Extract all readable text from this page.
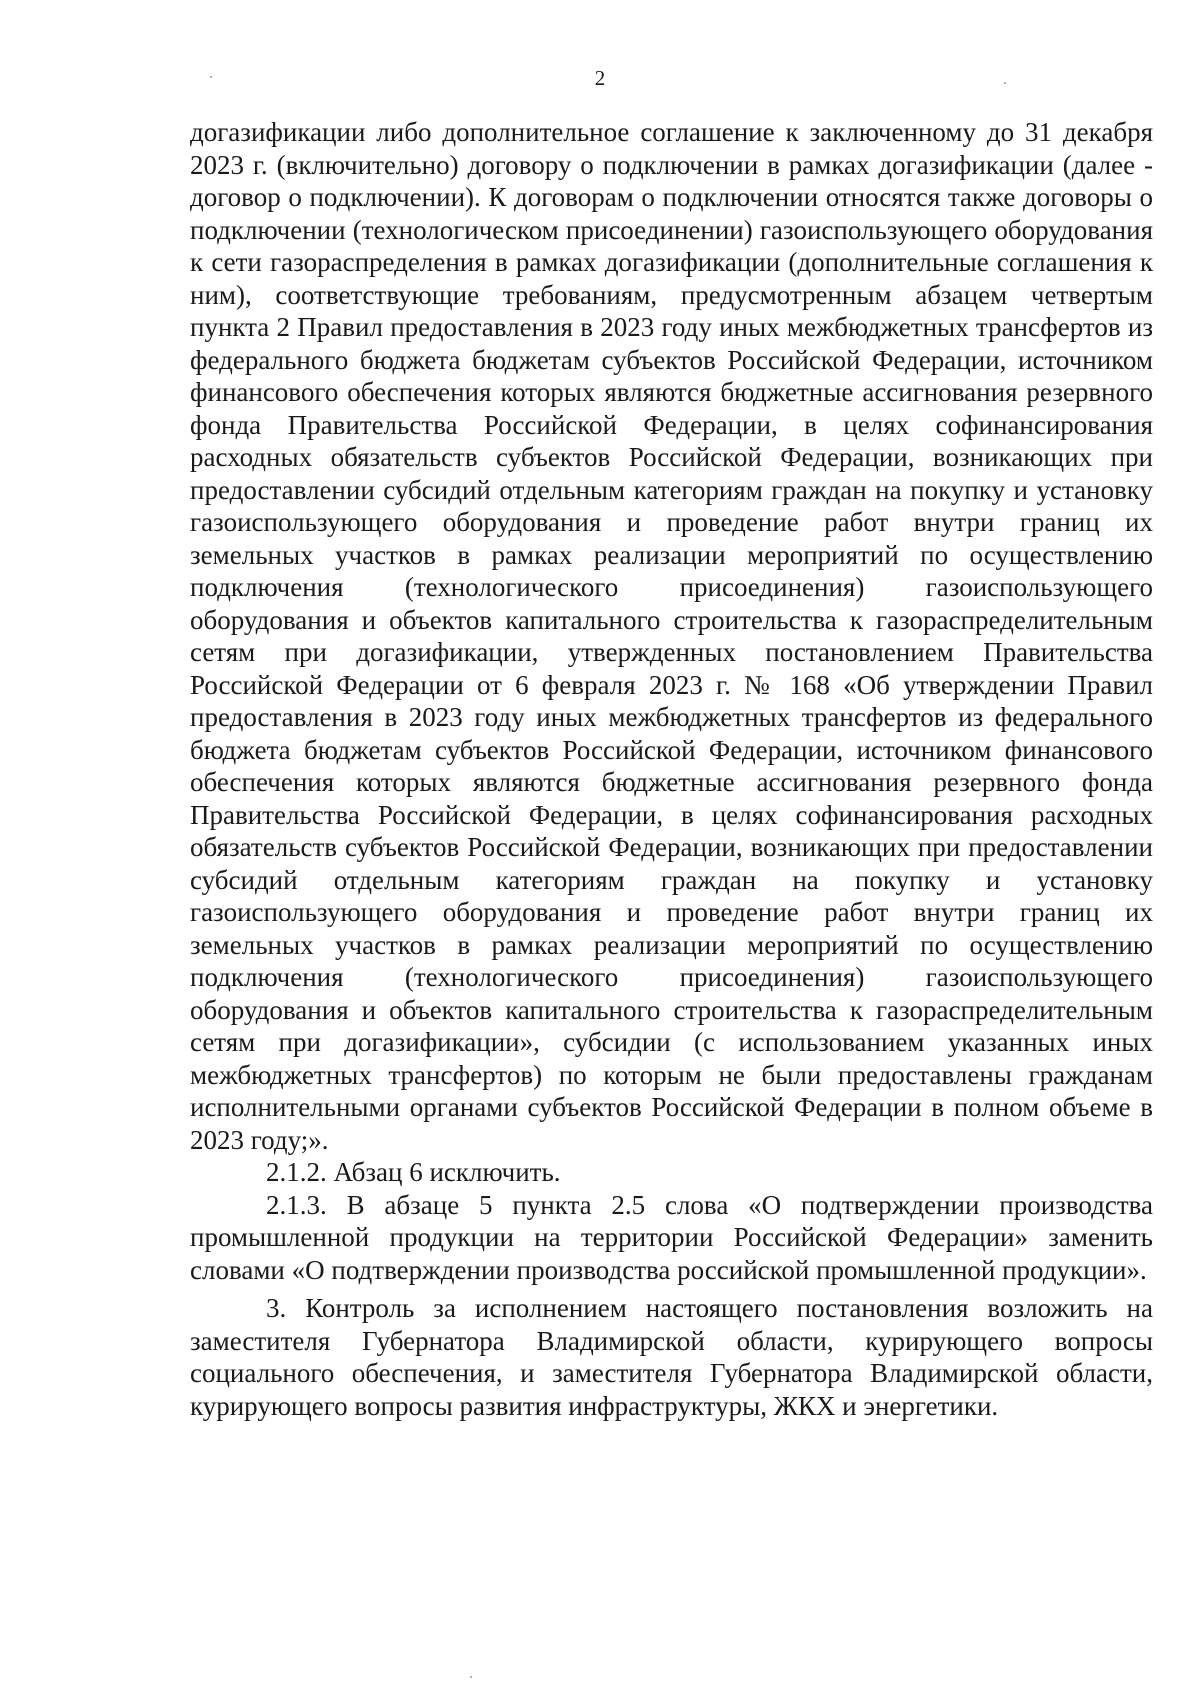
2

догазификации либо дополнительное соглашение к заключенному до 31 декабря 2023 г. (включительно) договору о подключении в рамках догазификации (далее - договор о подключении). К договорам о подключении относятся также договоры о подключении (технологическом присоединении) газоиспользующего оборудования к сети газораспределения в рамках догазификации (дополнительные соглашения к ним), соответствующие требованиям, предусмотренным абзацем четвертым пункта 2 Правил предоставления в 2023 году иных межбюджетных трансфертов из федерального бюджета бюджетам субъектов Российской Федерации, источником финансового обеспечения которых являются бюджетные ассигнования резервного фонда Правительства Российской Федерации, в целях софинансирования расходных обязательств субъектов Российской Федерации, возникающих при предоставлении субсидий отдельным категориям граждан на покупку и установку газоиспользующего оборудования и проведение работ внутри границ их земельных участков в рамках реализации мероприятий по осуществлению подключения (технологического присоединения) газоиспользующего оборудования и объектов капитального строительства к газораспределительным сетям при догазификации, утвержденных постановлением Правительства Российской Федерации от 6 февраля 2023 г. № 168 «Об утверждении Правил предоставления в 2023 году иных межбюджетных трансфертов из федерального бюджета бюджетам субъектов Российской Федерации, источником финансового обеспечения которых являются бюджетные ассигнования резервного фонда Правительства Российской Федерации, в целях софинансирования расходных обязательств субъектов Российской Федерации, возникающих при предоставлении субсидий отдельным категориям граждан на покупку и установку газоиспользующего оборудования и проведение работ внутри границ их земельных участков в рамках реализации мероприятий по осуществлению подключения (технологического присоединения) газоиспользующего оборудования и объектов капитального строительства к газораспределительным сетям при догазификации», субсидии (с использованием указанных иных межбюджетных трансфертов) по которым не были предоставлены гражданам исполнительными органами субъектов Российской Федерации в полном объеме в 2023 году;».

2.1.2. Абзац 6 исключить.

2.1.3. В абзаце 5 пункта 2.5 слова «О подтверждении производства промышленной продукции на территории Российской Федерации» заменить словами «О подтверждении производства российской промышленной продукции».

3. Контроль за исполнением настоящего постановления возложить на заместителя Губернатора Владимирской области, курирующего вопросы социального обеспечения, и заместителя Губернатора Владимирской области, курирующего вопросы развития инфраструктуры, ЖКХ и энергетики.
